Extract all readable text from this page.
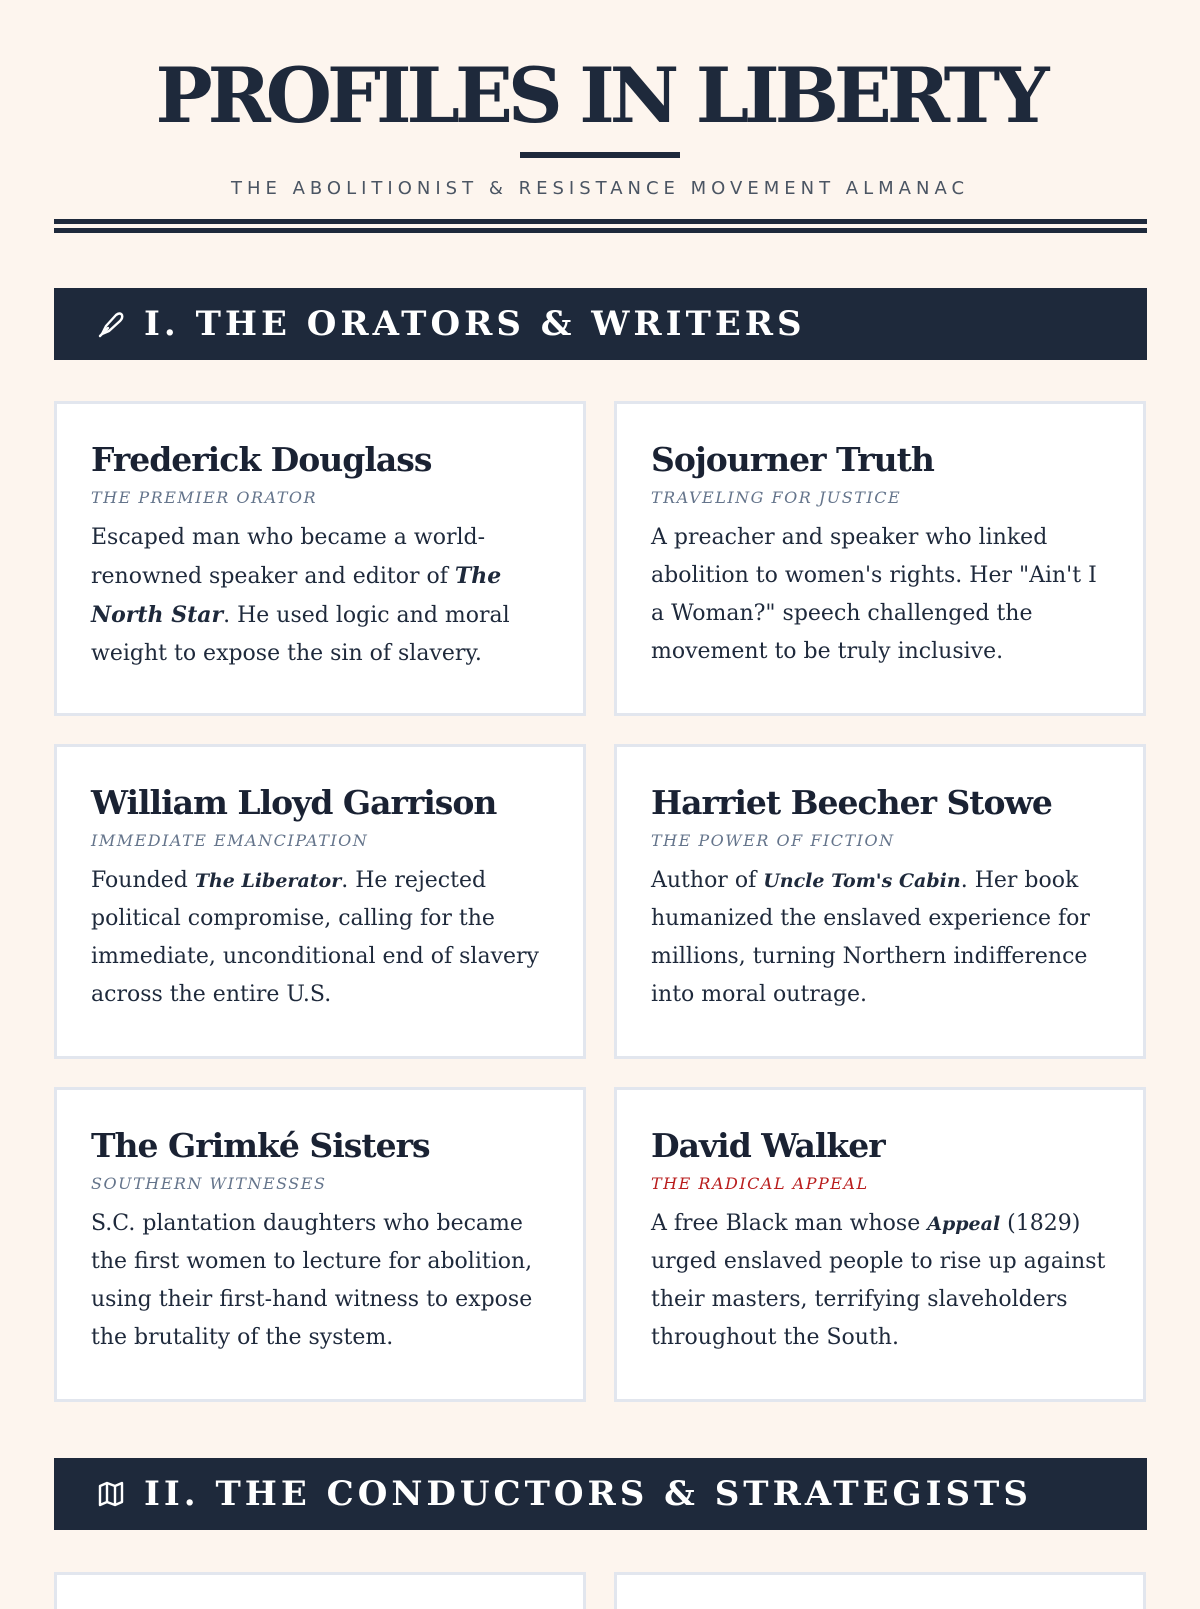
PROFILES IN LIBERTY
THE ABOLITIONIST & RESISTANCE MOVEMENT ALMANAC
I. THE ORATORS & WRITERS
Frederick Douglass
THE PREMIER ORATOR
Escaped man who became a world-renowned speaker and editor of The North Star. He used logic and moral weight to expose the sin of slavery.
Sojourner Truth
TRAVELING FOR JUSTICE
A preacher and speaker who linked abolition to women's rights. Her "Ain't I a Woman?" speech challenged the movement to be truly inclusive.
William Lloyd Garrison
IMMEDIATE EMANCIPATION
Founded The Liberator. He rejected political compromise, calling for the immediate, unconditional end of slavery across the entire U.S.
Harriet Beecher Stowe
THE POWER OF FICTION
Author of Uncle Tom's Cabin. Her book humanized the enslaved experience for millions, turning Northern indifference into moral outrage.
The Grimké Sisters
SOUTHERN WITNESSES
S.C. plantation daughters who became the first women to lecture for abolition, using their first-hand witness to expose the brutality of the system.
David Walker
THE RADICAL APPEAL
A free Black man whose Appeal (1829) urged enslaved people to rise up against their masters, terrifying slaveholders throughout the South.
II. THE CONDUCTORS & STRATEGISTS
